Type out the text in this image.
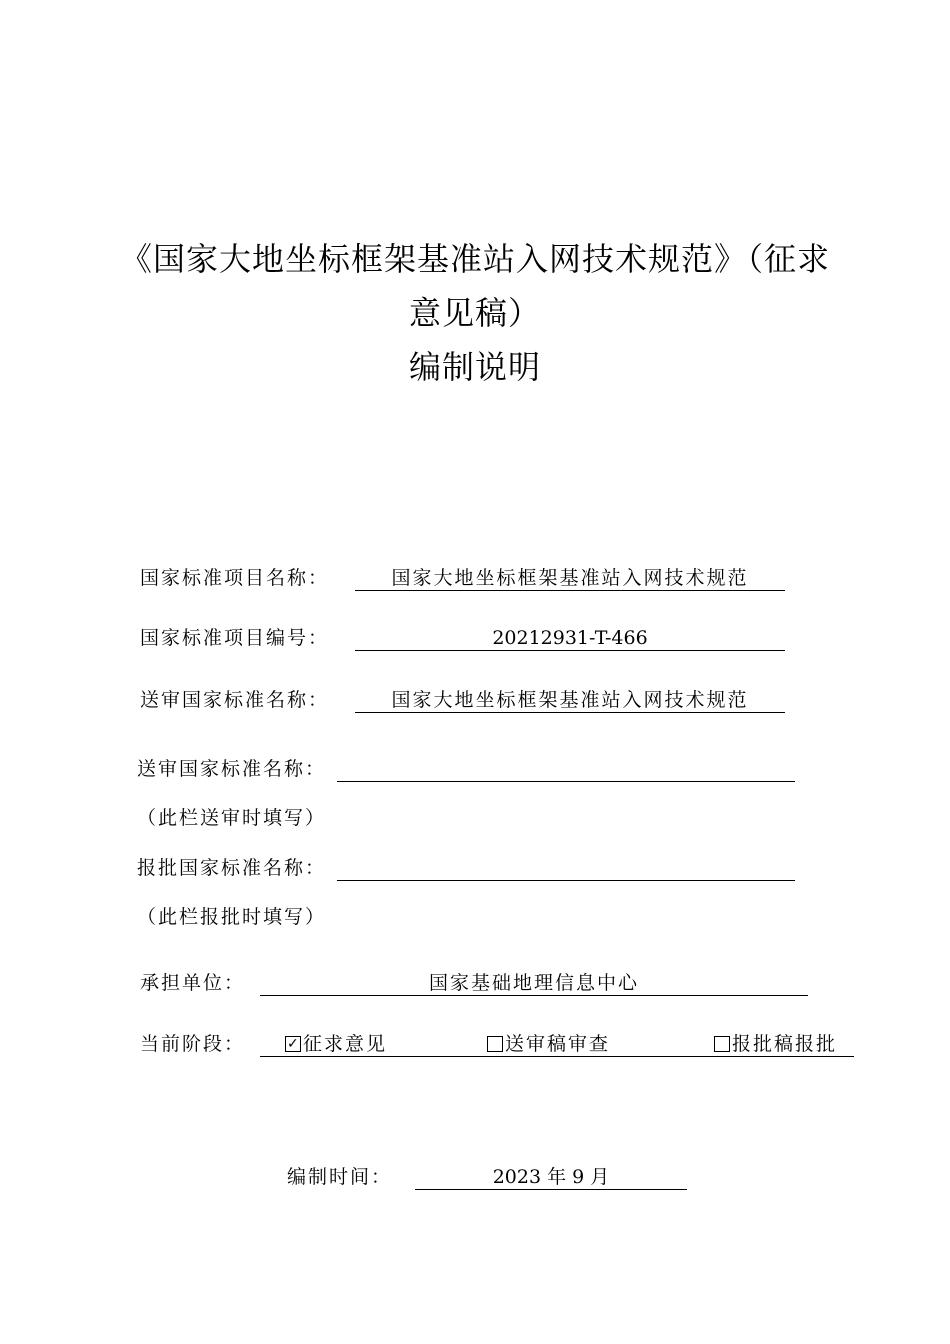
《国家大地坐标框架基准站入网技术规范》（征求
意见稿）
编制说明
国家标准项目名称：	国家大地坐标框架基准站入网技术规范
国家标准项目编号：	20212931-T-466
送审国家标准名称：	国家大地坐标框架基准站入网技术规范
送审国家标准名称：
（此栏送审时填写）
报批国家标准名称：
（此栏报批时填写）
承担单位：	国家基础地理信息中心
当前阶段：
✓	征求意见	送审稿审查	报批稿报批
编制时间：	2023 年 9 月
